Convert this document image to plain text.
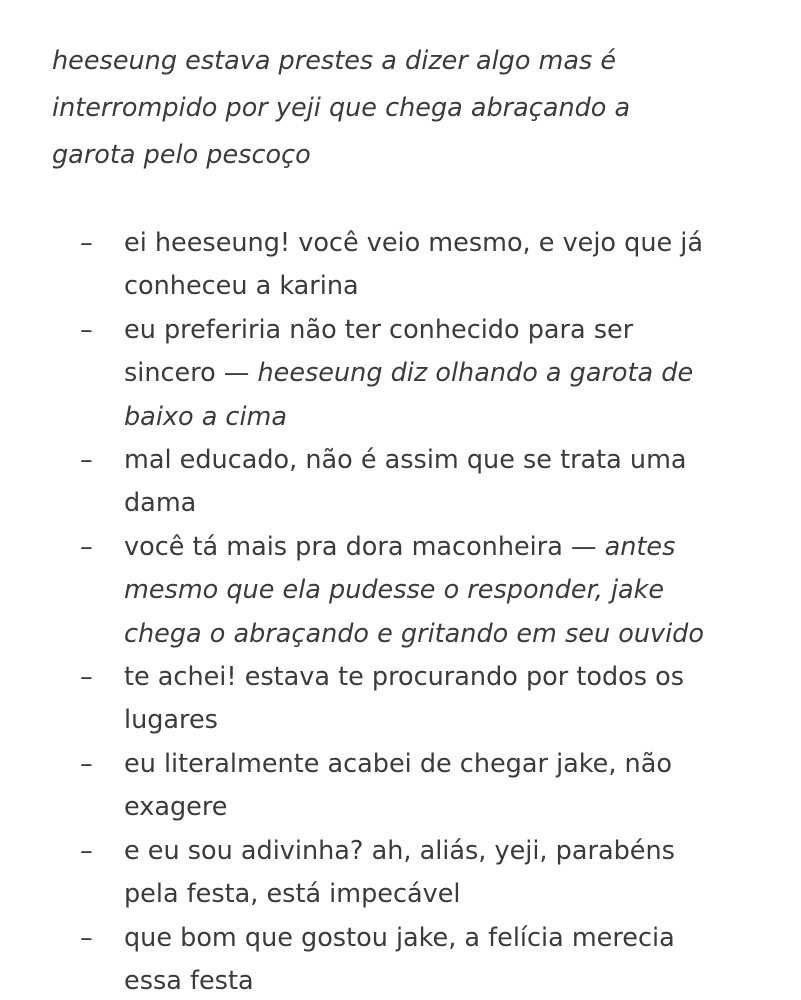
heeseung estava prestes a dizer algo mas é
interrompido por yeji que chega abraçando a
garota pelo pescoço

– ei heeseung! você veio mesmo, e vejo que já
conheceu a karina
– eu preferiria não ter conhecido para ser
sincero — heeseung diz olhando a garota de
baixo a cima
– mal educado, não é assim que se trata uma
dama
– você tá mais pra dora maconheira — antes
mesmo que ela pudesse o responder, jake
chega o abraçando e gritando em seu ouvido
– te achei! estava te procurando por todos os
lugares
– eu literalmente acabei de chegar jake, não
exagere
– e eu sou adivinha? ah, aliás, yeji, parabéns
pela festa, está impecável
– que bom que gostou jake, a felícia merecia
essa festa
